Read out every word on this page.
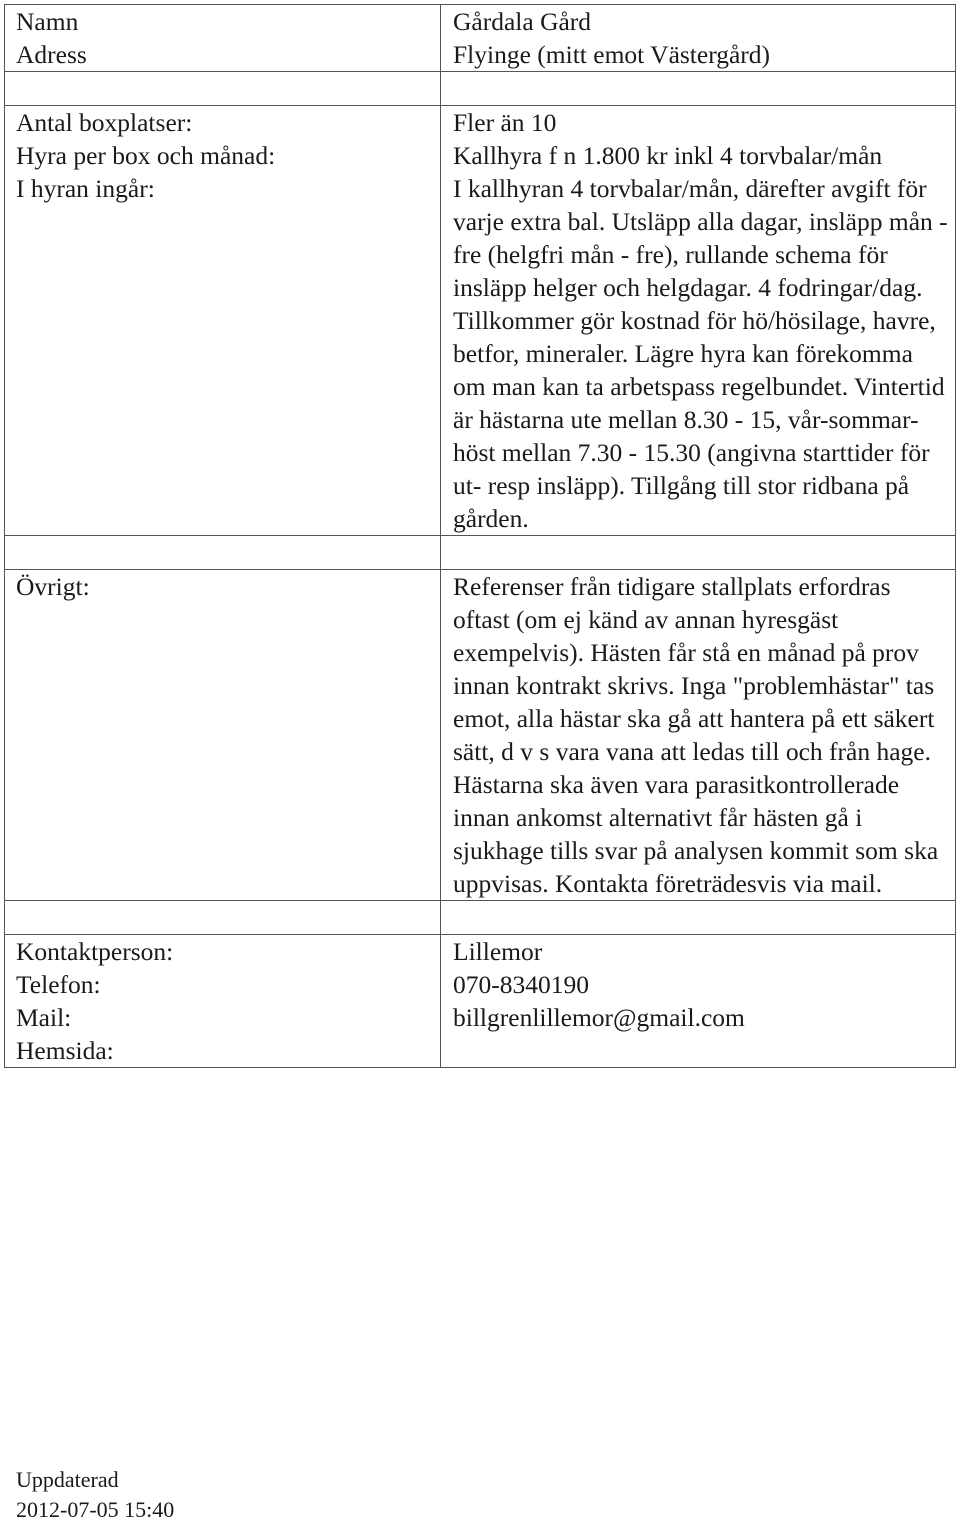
Namn	Gårdala Gård
Adress	Flyinge (mitt emot Västergård)

Antal boxplatser:	Fler än 10
Hyra per box och månad:	Kallhyra f n 1.800 kr inkl 4 torvbalar/mån
I hyran ingår:	I kallhyran 4 torvbalar/mån, därefter avgift för varje extra bal. Utsläpp alla dagar, insläpp mån - fre (helgfri mån - fre), rullande schema för insläpp helger och helgdagar. 4 fodringar/dag. Tillkommer gör kostnad för hö/hösilage, havre, betfor, mineraler. Lägre hyra kan förekomma om man kan ta arbetspass regelbundet. Vintertid är hästarna ute mellan 8.30 - 15, vår-sommar-höst mellan 7.30 - 15.30 (angivna starttider för ut- resp insläpp). Tillgång till stor ridbana på gården.

Övrigt:	Referenser från tidigare stallplats erfordras oftast (om ej känd av annan hyresgäst exempelvis). Hästen får stå en månad på prov innan kontrakt skrivs. Inga "problemhästar" tas emot, alla hästar ska gå att hantera på ett säkert sätt, d v s vara vana att ledas till och från hage. Hästarna ska även vara parasitkontrollerade innan ankomst alternativt får hästen gå i sjukhage tills svar på analysen kommit som ska uppvisas. Kontakta företrädesvis via mail.

Kontaktperson:	Lillemor
Telefon:	070-8340190
Mail:	billgrenlillemor@gmail.com
Hemsida:	
Uppdaterad
2012-07-05 15:40
